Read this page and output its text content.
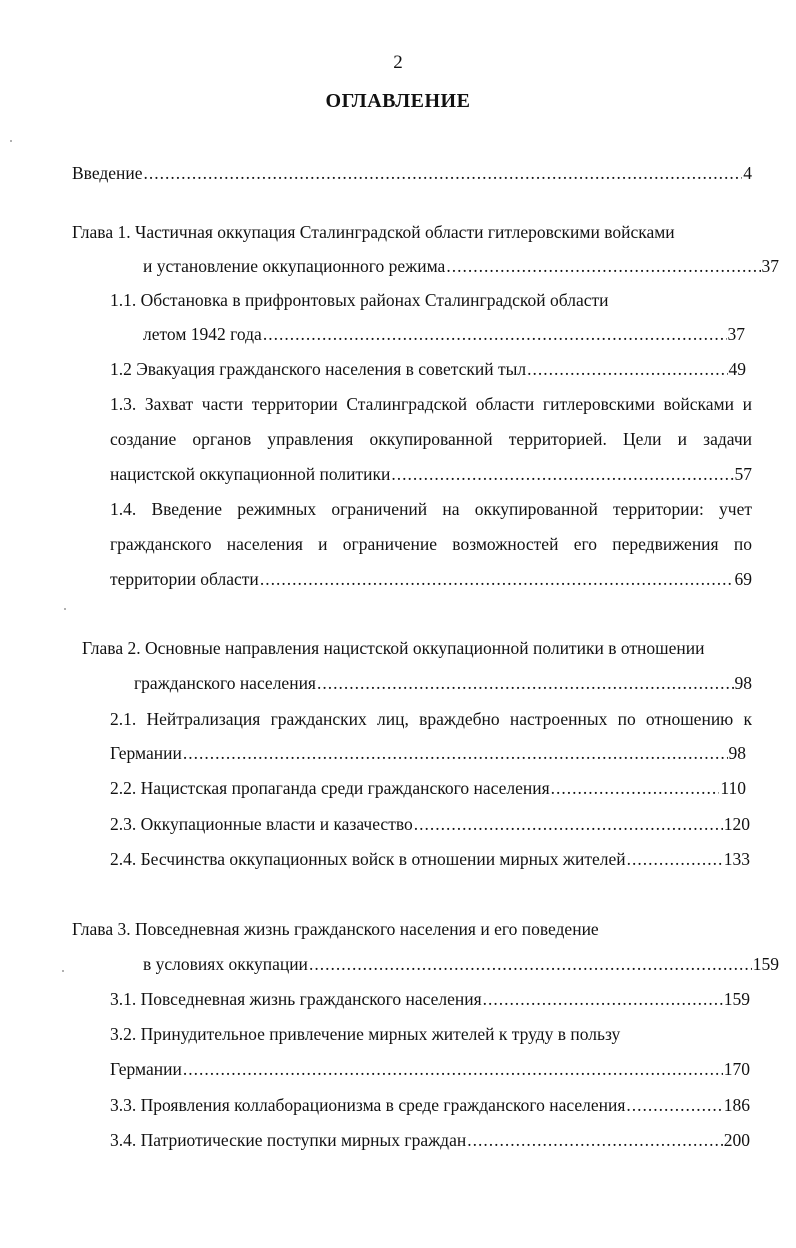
2
ОГЛАВЛЕНИЕ
Введение .....	4
Глава 1. Частичная оккупация Сталинградской области гитлеровскими войсками
и установление оккупационного режима .....	37
1.1. Обстановка в прифронтовых районах Сталинградской области
летом 1942 года .....	37
1.2 Эвакуация гражданского населения в советский тыл .....	49
1.3. Захват части территории Сталинградской области гитлеровскими войсками и
создание органов управления оккупированной территорией. Цели и задачи
нацистской оккупационной политики .....	57
1.4. Введение режимных ограничений на оккупированной территории: учет
гражданского населения и ограничение возможностей его передвижения по
территории области .....	69
Глава 2. Основные направления нацистской оккупационной политики в отношении
гражданского населения .....	98
2.1. Нейтрализация гражданских лиц, враждебно настроенных по отношению к
Германии .....	98
2.2. Нацистская пропаганда среди гражданского населения .....	110
2.3. Оккупационные власти и казачество .....	120
2.4. Бесчинства оккупационных войск в отношении мирных жителей .....	133
Глава 3. Повседневная жизнь гражданского населения и его поведение
в условиях оккупации .....	159
3.1. Повседневная жизнь гражданского населения .....	159
3.2. Принудительное привлечение мирных жителей к труду в пользу
Германии .....	170
3.3. Проявления коллаборационизма в среде гражданского населения .....	186
3.4. Патриотические поступки мирных граждан .....	200
